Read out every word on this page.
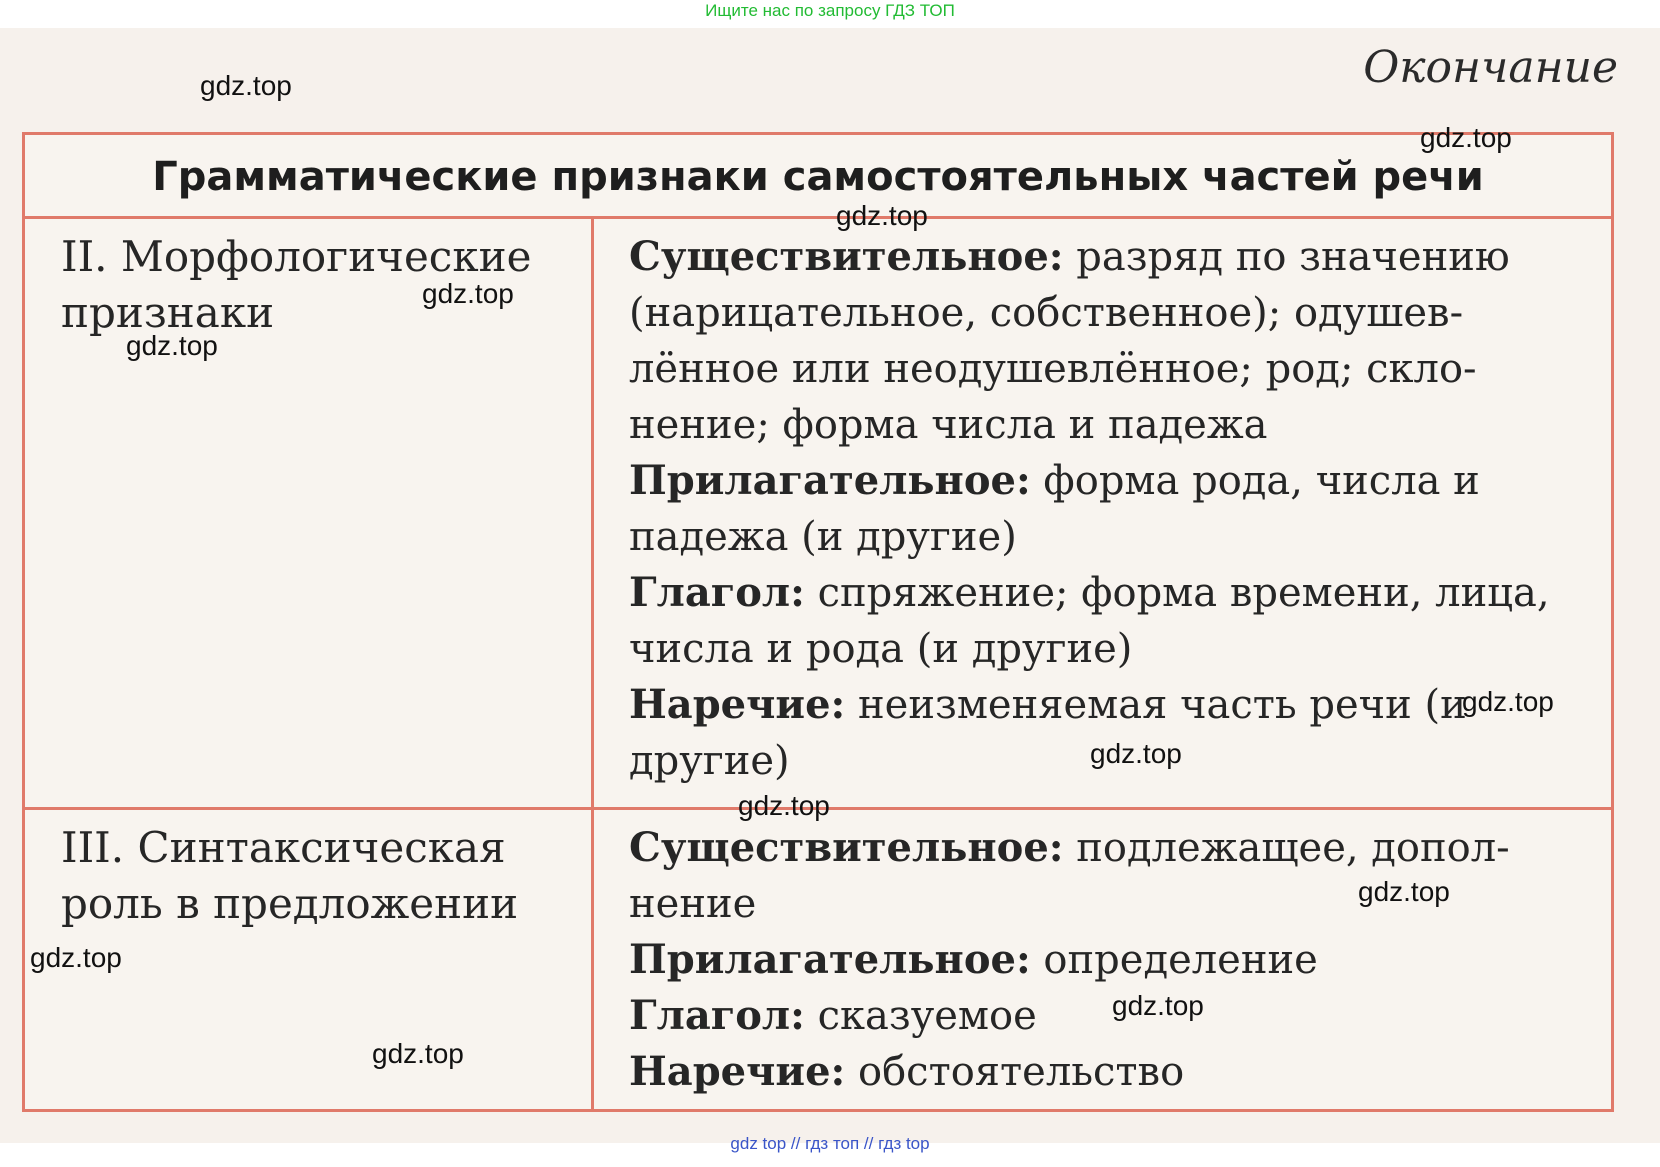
Ищите нас по запросу ГДЗ ТОП
Окончание
Грамматические признаки самостоятельных частей речи
II. Морфологические признаки

Существительное: разряд по значению (нарицательное, собственное); одушевлённое или неодушевлённое; род; склонение; форма числа и падежа

Прилагательное: форма рода, числа и падежа (и другие)

Глагол: спряжение; форма времени, лица, числа и рода (и другие)

Наречие: неизменяемая часть речи (и другие)

III. Синтаксическая роль в предложении

Существительное: подлежащее, дополнение

Прилагательное: определение

Глагол: сказуемое

Наречие: обстоятельство

gdz.top
gdz.top
gdz.top
gdz.top
gdz.top
gdz.top
gdz.top
gdz.top
gdz.top
gdz.top
gdz.top
gdz.top
gdz top // гдз топ // гдз top
